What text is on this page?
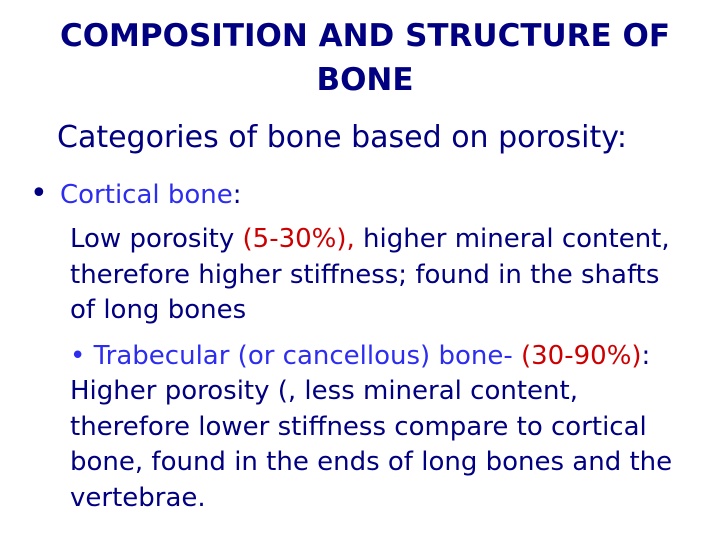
COMPOSITION AND STRUCTURE OF
BONE
Categories of bone based on porosity:
• Cortical bone:

Low porosity (5-30%), higher mineral content, therefore higher stiffness; found in the shafts of long bones

• Trabecular (or cancellous) bone- (30-90%): Higher porosity (, less mineral content, therefore lower stiffness compare to cortical bone, found in the ends of long bones and the vertebrae.
